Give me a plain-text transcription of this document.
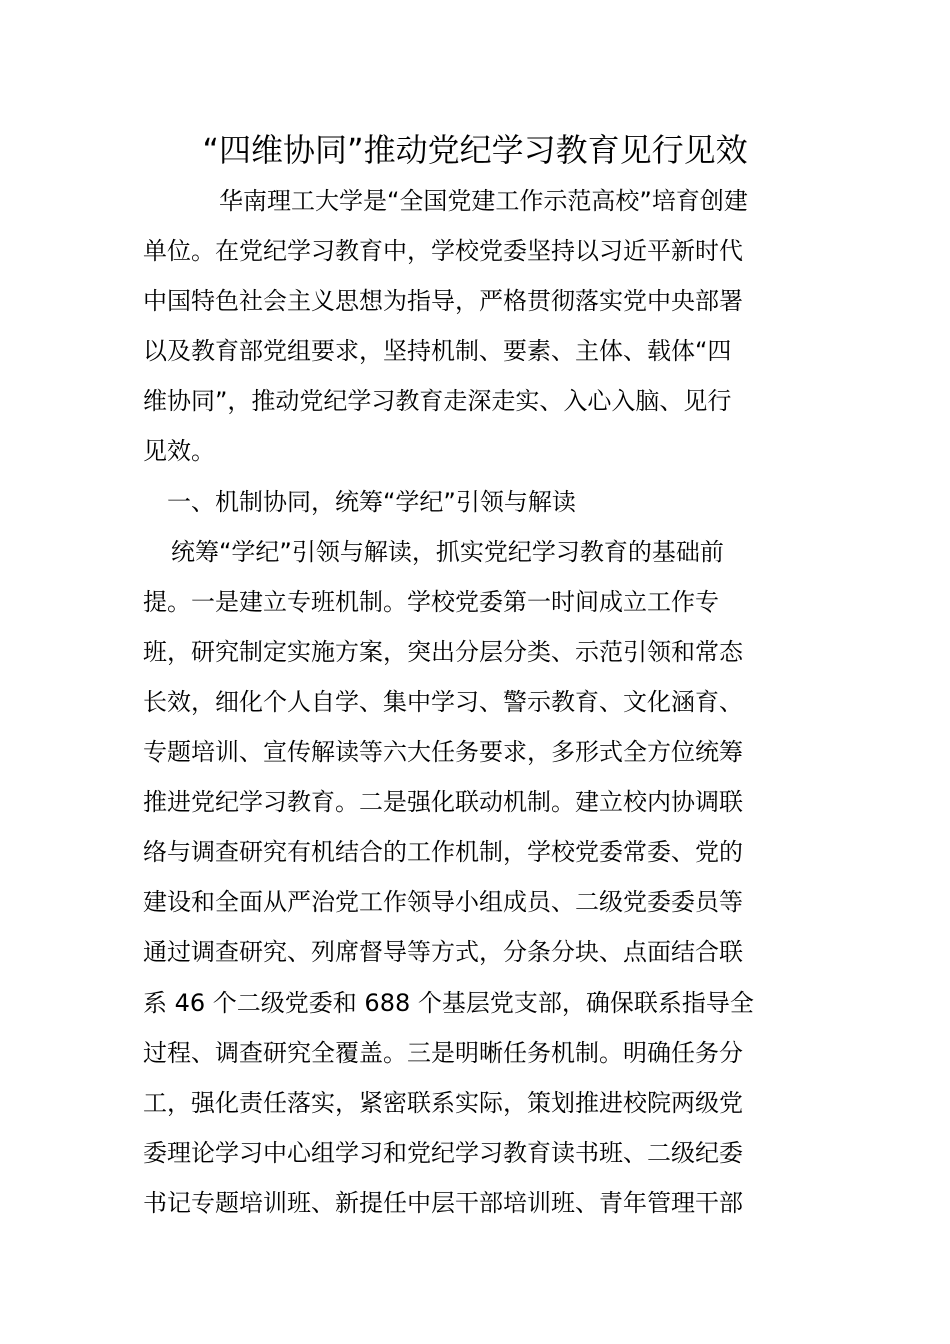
“四维协同”推动党纪学习教育见行见效
华南理工大学是“全国党建工作示范高校”培育创建
单位。在党纪学习教育中，学校党委坚持以习近平新时代
中国特色社会主义思想为指导，严格贯彻落实党中央部署
以及教育部党组要求，坚持机制、要素、主体、载体“四
维协同”，推动党纪学习教育走深走实、入心入脑、见行
见效。
一、机制协同，统筹“学纪”引领与解读
统筹“学纪”引领与解读，抓实党纪学习教育的基础前
提。一是建立专班机制。学校党委第一时间成立工作专
班，研究制定实施方案，突出分层分类、示范引领和常态
长效，细化个人自学、集中学习、警示教育、文化涵育、
专题培训、宣传解读等六大任务要求，多形式全方位统筹
推进党纪学习教育。二是强化联动机制。建立校内协调联
络与调查研究有机结合的工作机制，学校党委常委、党的
建设和全面从严治党工作领导小组成员、二级党委委员等
通过调查研究、列席督导等方式，分条分块、点面结合联
系 46 个二级党委和 688 个基层党支部，确保联系指导全
过程、调查研究全覆盖。三是明晰任务机制。明确任务分
工，强化责任落实，紧密联系实际，策划推进校院两级党
委理论学习中心组学习和党纪学习教育读书班、二级纪委
书记专题培训班、新提任中层干部培训班、青年管理干部
